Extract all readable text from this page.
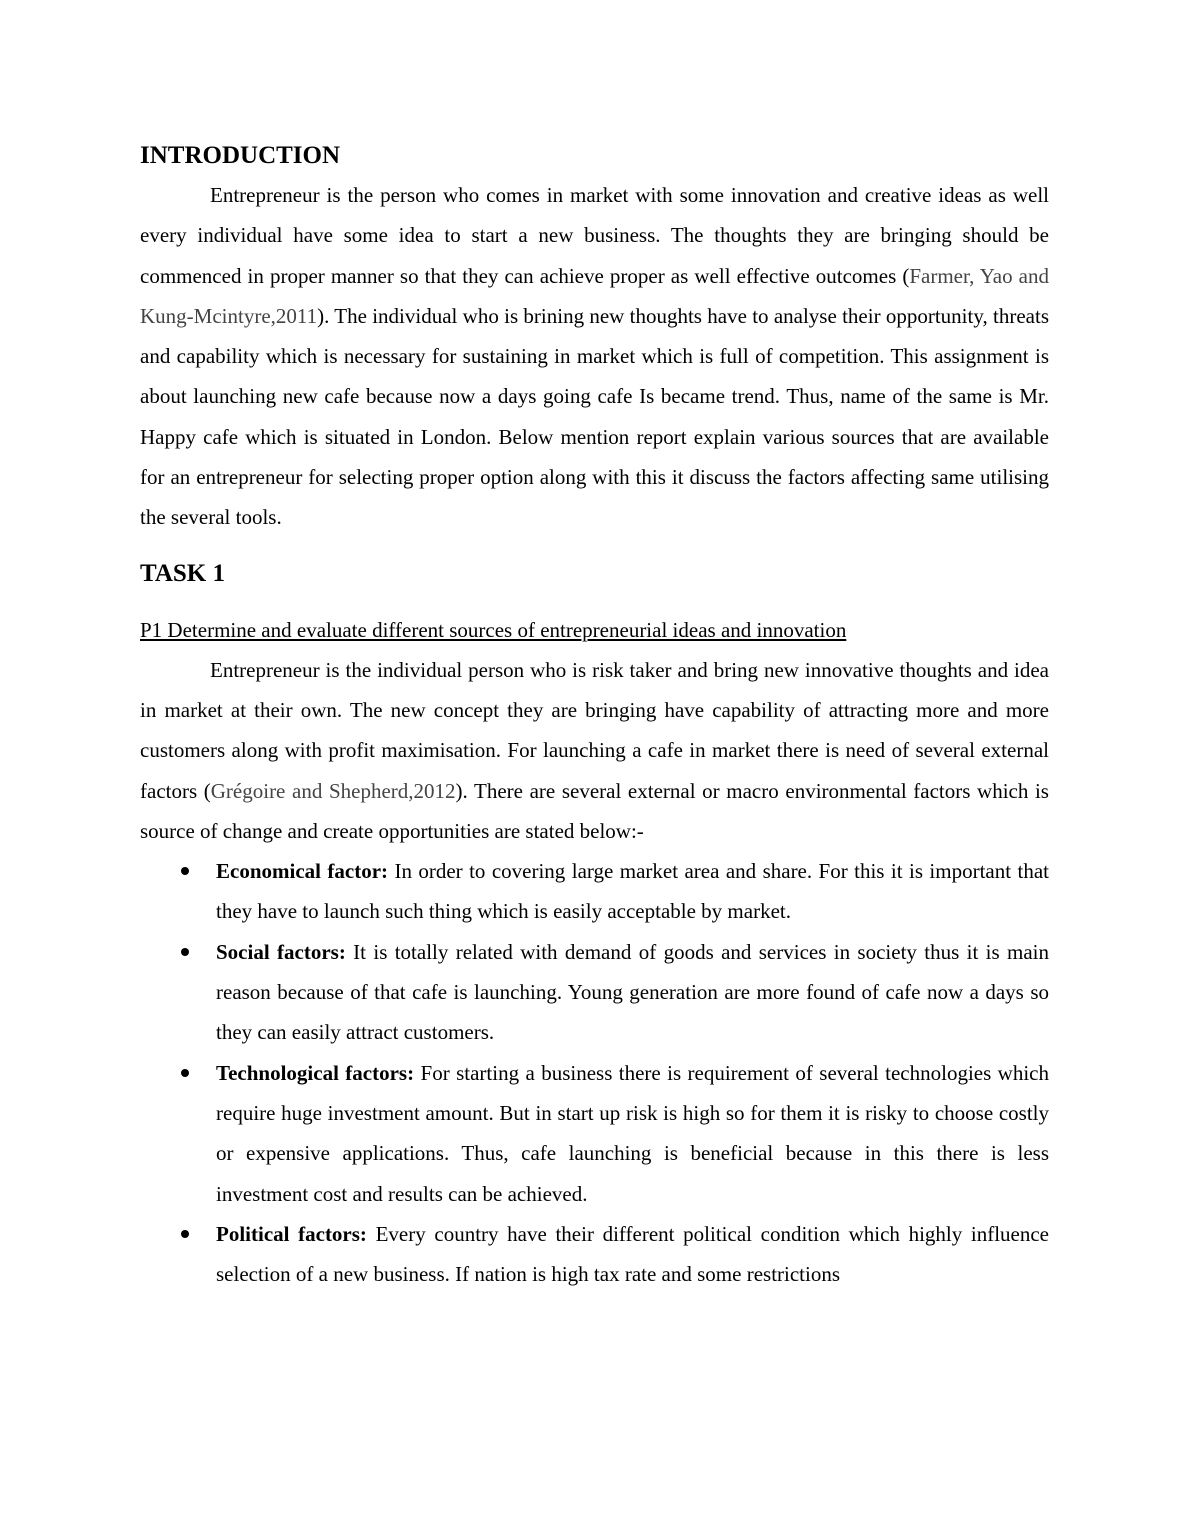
INTRODUCTION

Entrepreneur is the person who comes in market with some innovation and creative ideas as well every individual have some idea to start a new business. The thoughts they are bringing should be commenced in proper manner so that they can achieve proper as well effective outcomes (Farmer, Yao and Kung-Mcintyre,2011). The individual who is brining new thoughts have to analyse their opportunity, threats and capability which is necessary for sustaining in market which is full of competition. This assignment is about launching new cafe because now a days going cafe Is became trend. Thus, name of the same is Mr. Happy cafe which is situated in London. Below mention report explain various sources that are available for an entrepreneur for selecting proper option along with this it discuss the factors affecting same utilising the several tools.

TASK 1
P1 Determine and evaluate different sources of entrepreneurial ideas and innovation

Entrepreneur is the individual person who is risk taker and bring new innovative thoughts and idea in market at their own. The new concept they are bringing have capability of attracting more and more customers along with profit maximisation. For launching a cafe in market there is need of several external factors (Grégoire and Shepherd,2012). There are several external or macro environmental factors which is source of change and create opportunities are stated below:-

Economical factor: In order to covering large market area and share. For this it is important that they have to launch such thing which is easily acceptable by market.
Social factors: It is totally related with demand of goods and services in society thus it is main reason because of that cafe is launching. Young generation are more found of cafe now a days so they can easily attract customers.
Technological factors: For starting a business there is requirement of several technologies which require huge investment amount. But in start up risk is high so for them it is risky to choose costly or expensive applications. Thus, cafe launching is beneficial because in this there is less investment cost and results can be achieved.
Political factors: Every country have their different political condition which highly influence selection of a new business. If nation is high tax rate and some restrictions
